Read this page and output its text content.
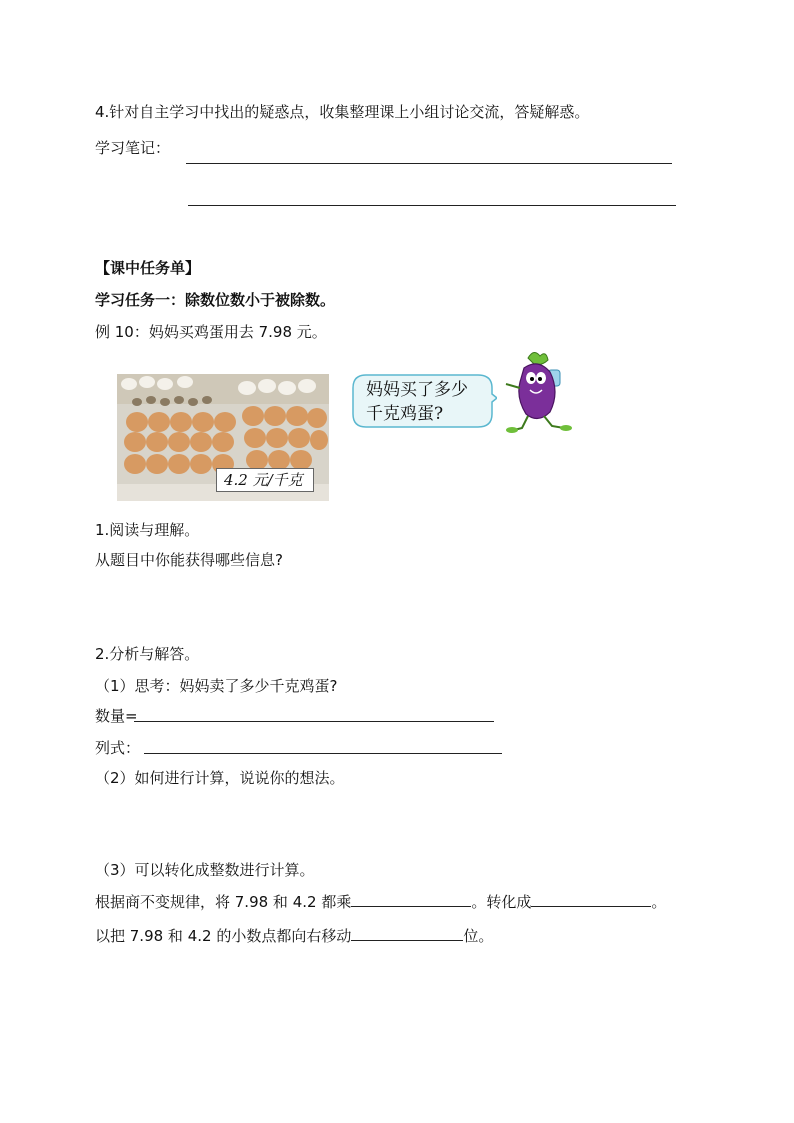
4.针对自主学习中找出的疑惑点，收集整理课上小组讨论交流，答疑解惑。
学习笔记：
【课中任务单】
学习任务一：除数位数小于被除数。
例 10：妈妈买鸡蛋用去 7.98 元。
4.2 元/千克
妈妈买了多少
千克鸡蛋?
1.阅读与理解。
从题目中你能获得哪些信息?
2.分析与解答。
（1）思考：妈妈卖了多少千克鸡蛋?
数量=
列式：
（2）如何进行计算，说说你的想法。
（3）可以转化成整数进行计算。
根据商不变规律，将 7.98 和 4.2 都乘	。转化成	。
以把 7.98 和 4.2 的小数点都向右移动	位。
